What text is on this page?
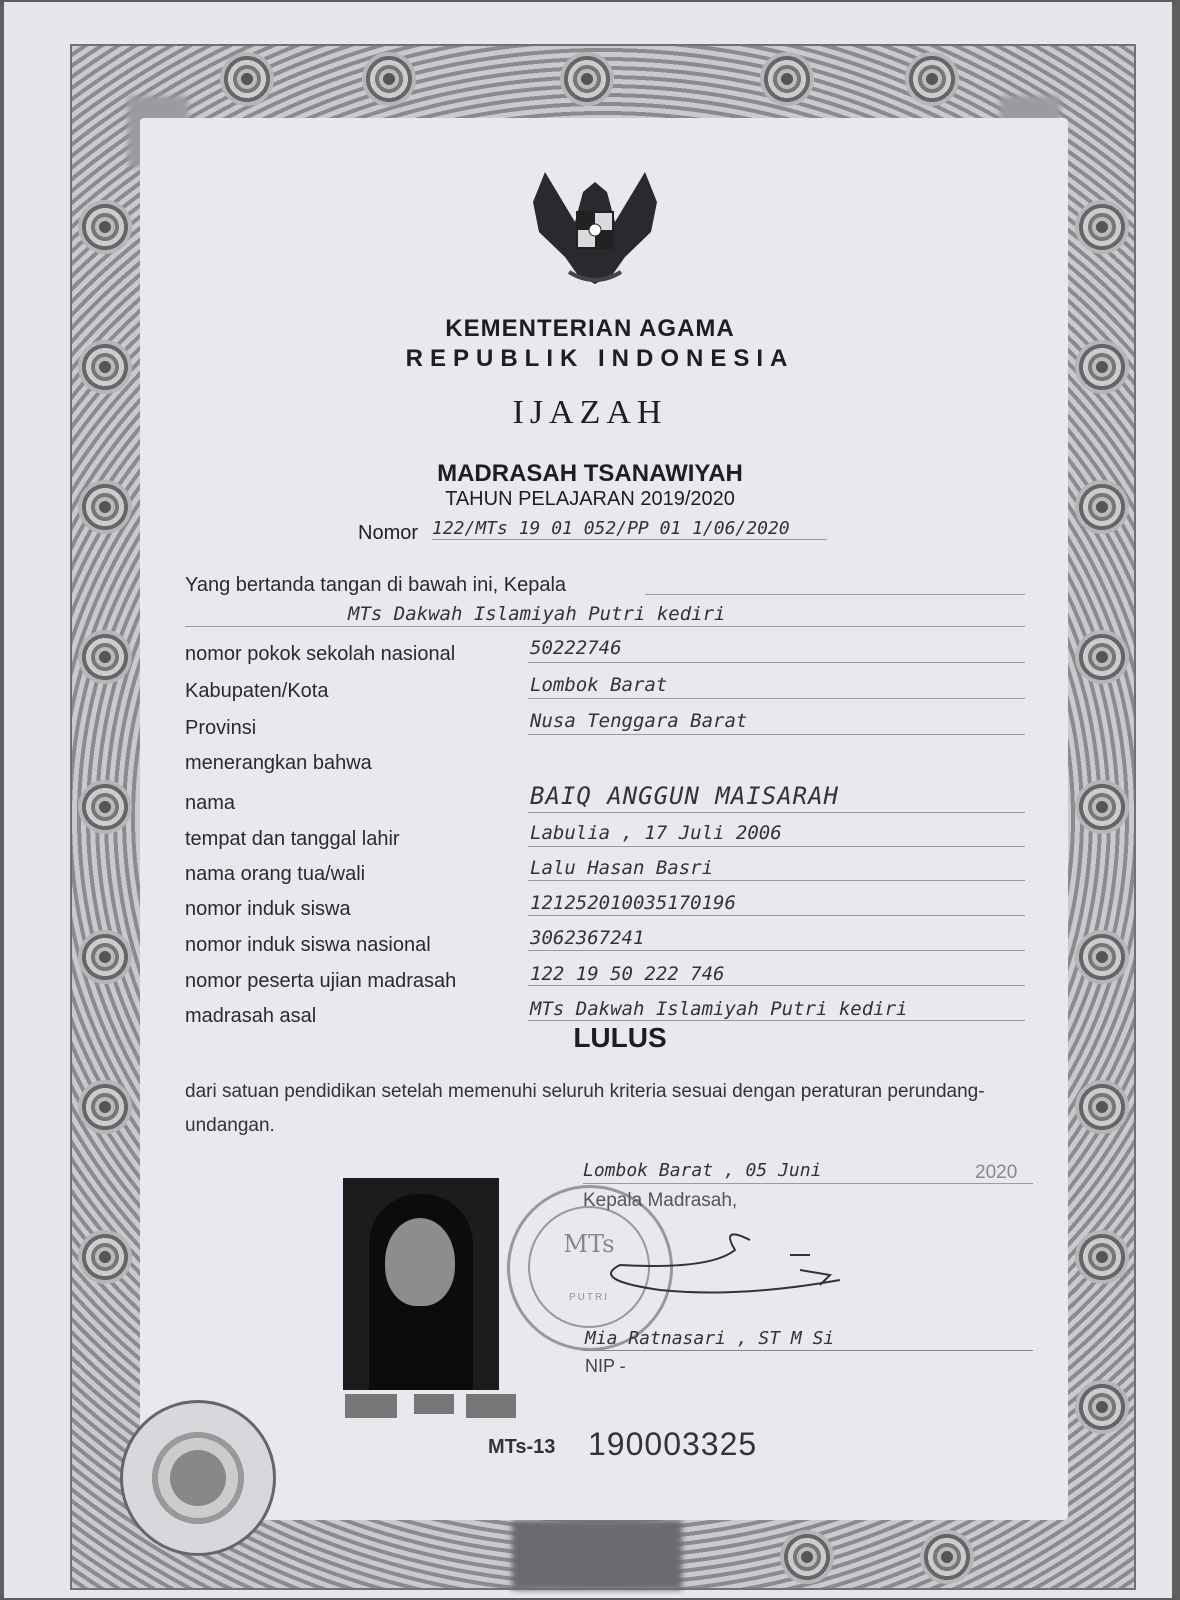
KEMENTERIAN AGAMA
REPUBLIK INDONESIA
IJAZAH
MADRASAH TSANAWIYAH
TAHUN PELAJARAN 2019/2020
Nomor 122/MTs 19 01 052/PP 01 1/06/2020
Yang bertanda tangan di bawah ini, Kepala
MTs Dakwah Islamiyah Putri kediri
nomor pokok sekolah nasional	50222746
Kabupaten/Kota	Lombok Barat
Provinsi	Nusa Tenggara Barat
menerangkan bahwa
nama	BAIQ ANGGUN MAISARAH
tempat dan tanggal lahir	Labulia , 17 Juli 2006
nama orang tua/wali	Lalu Hasan Basri
nomor induk siswa	121252010035170196
nomor induk siswa nasional	3062367241
nomor peserta ujian madrasah	122 19 50 222 746
madrasah asal	MTs Dakwah Islamiyah Putri kediri
LULUS
dari satuan pendidikan setelah memenuhi seluruh kriteria sesuai dengan peraturan perundang-undangan.
MTs
PUTRI
Lombok Barat , 05 Juni	2020
Kepala Madrasah,
Mia Ratnasari , ST M Si
NIP -
MTs-13 190003325
